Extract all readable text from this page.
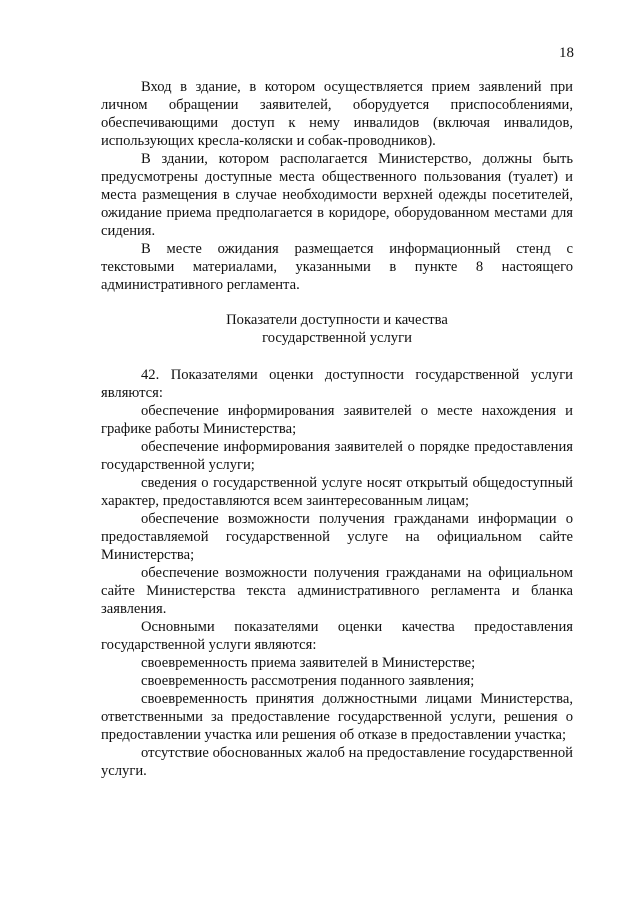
18

Вход в здание, в котором осуществляется прием заявлений при личном обращении заявителей, оборудуется приспособлениями, обеспечивающими доступ к нему инвалидов (включая инвалидов, использующих кресла-коляски и собак-проводников).

В здании, котором располагается Министерство, должны быть предусмотрены доступные места общественного пользования (туалет) и места размещения в случае необходимости верхней одежды посетителей, ожидание приема предполагается в коридоре, оборудованном местами для сидения.

В месте ожидания размещается информационный стенд с текстовыми материалами, указанными в пункте 8 настоящего административного регламента.

Показатели доступности и качества
государственной услуги

42. Показателями оценки доступности государственной услуги являются:

обеспечение информирования заявителей о месте нахождения и графике работы Министерства;

обеспечение информирования заявителей о порядке предоставления государственной услуги;

сведения о государственной услуге носят открытый общедоступный характер, предоставляются всем заинтересованным лицам;

обеспечение возможности получения гражданами информации о предоставляемой государственной услуге на официальном сайте Министерства;

обеспечение возможности получения гражданами на официальном сайте Министерства текста административного регламента и бланка заявления.

Основными показателями оценки качества предоставления государственной услуги являются:

своевременность приема заявителей в Министерстве;

своевременность рассмотрения поданного заявления;

своевременность принятия должностными лицами Министерства, ответственными за предоставление государственной услуги, решения о предоставлении участка или решения об отказе в предоставлении участка;

отсутствие обоснованных жалоб на предоставление государственной услуги.
